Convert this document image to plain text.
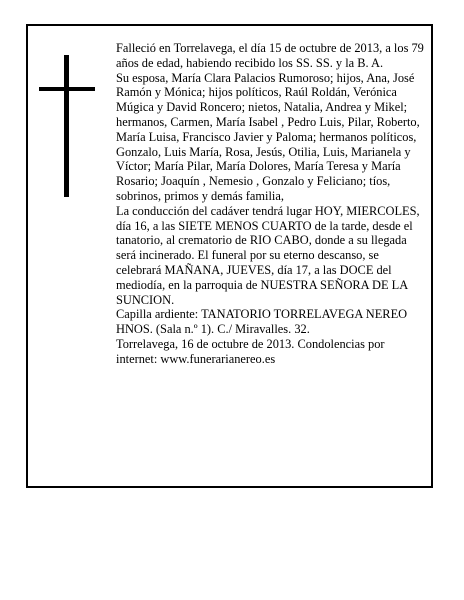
Falleció en Torrelavega, el día 15 de octubre de 2013, a los 79 años de edad, habiendo recibido los SS. SS. y la B. A.

Su esposa, María Clara Palacios Rumoroso; hijos, Ana, José Ramón y Mónica; hijos políticos, Raúl Roldán, Verónica Múgica y David Roncero; nietos, Natalia, Andrea y Mikel; hermanos, Carmen, María Isabel , Pedro Luis, Pilar, Roberto, María Luisa, Francisco Javier y Paloma; hermanos políticos, Gonzalo, Luis María, Rosa, Jesús, Otilia, Luis, Marianela y Víctor; María Pilar, María Dolores, María Teresa y María Rosario; Joaquín , Nemesio , Gonzalo y Feliciano; tíos, sobrinos, primos y demás familia,

La conducción del cadáver tendrá lugar HOY, MIERCOLES, día 16, a las SIETE MENOS CUARTO de la tarde, desde el tanatorio, al crematorio de RIO CABO, donde a su llegada será incinerado. El funeral por su eterno descanso, se celebrará MAÑANA, JUEVES, día 17, a las DOCE del mediodía, en la parroquia de NUESTRA SEÑORA DE LA SUNCION.

Capilla ardiente: TANATORIO TORRELAVEGA NEREO HNOS. (Sala n.º 1). C./ Miravalles. 32.

Torrelavega, 16 de octubre de 2013. Condolencias por internet: www.funerarianereo.es
